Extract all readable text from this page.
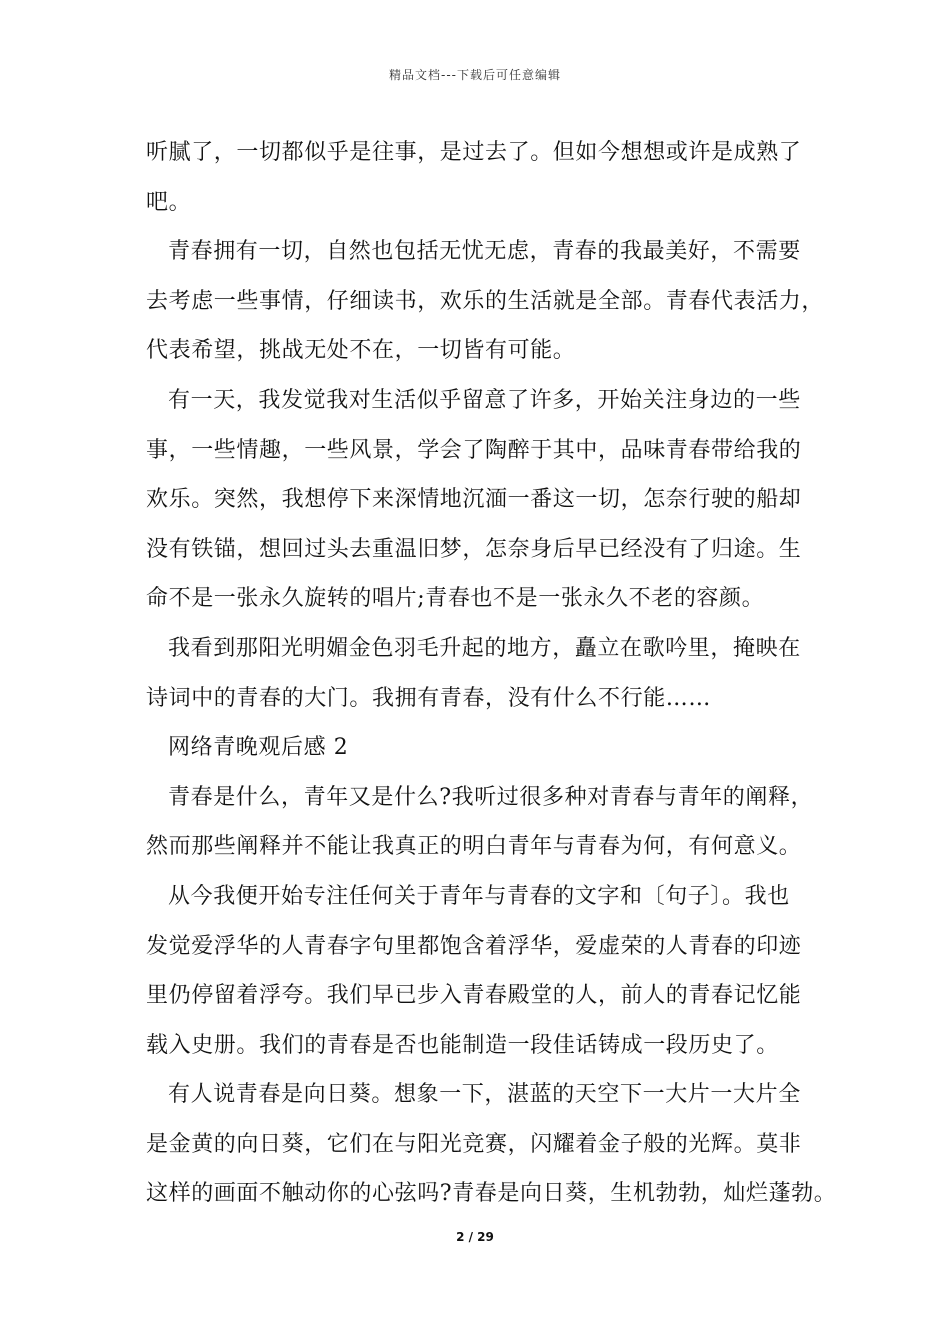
精品文档---下载后可任意编辑
听腻了，一切都似乎是往事，是过去了。但如今想想或许是成熟了
吧。
青春拥有一切，自然也包括无忧无虑，青春的我最美好，不需要
去考虑一些事情，仔细读书，欢乐的生活就是全部。青春代表活力，
代表希望，挑战无处不在，一切皆有可能。
有一天，我发觉我对生活似乎留意了许多，开始关注身边的一些
事，一些情趣，一些风景，学会了陶醉于其中，品味青春带给我的
欢乐。突然，我想停下来深情地沉湎一番这一切，怎奈行驶的船却
没有铁锚，想回过头去重温旧梦，怎奈身后早已经没有了归途。生
命不是一张永久旋转的唱片;青春也不是一张永久不老的容颜。
我看到那阳光明媚金色羽毛升起的地方，矗立在歌吟里，掩映在
诗词中的青春的大门。我拥有青春，没有什么不行能……
网络青晚观后感 2
青春是什么，青年又是什么?我听过很多种对青春与青年的阐释，
然而那些阐释并不能让我真正的明白青年与青春为何，有何意义。
从今我便开始专注任何关于青年与青春的文字和〔句子〕。我也
发觉爱浮华的人青春字句里都饱含着浮华，爱虚荣的人青春的印迹
里仍停留着浮夸。我们早已步入青春殿堂的人，前人的青春记忆能
载入史册。我们的青春是否也能制造一段佳话铸成一段历史了。
有人说青春是向日葵。想象一下，湛蓝的天空下一大片一大片全
是金黄的向日葵，它们在与阳光竞赛，闪耀着金子般的光辉。莫非
这样的画面不触动你的心弦吗?青春是向日葵，生机勃勃，灿烂蓬勃。
2 / 29
